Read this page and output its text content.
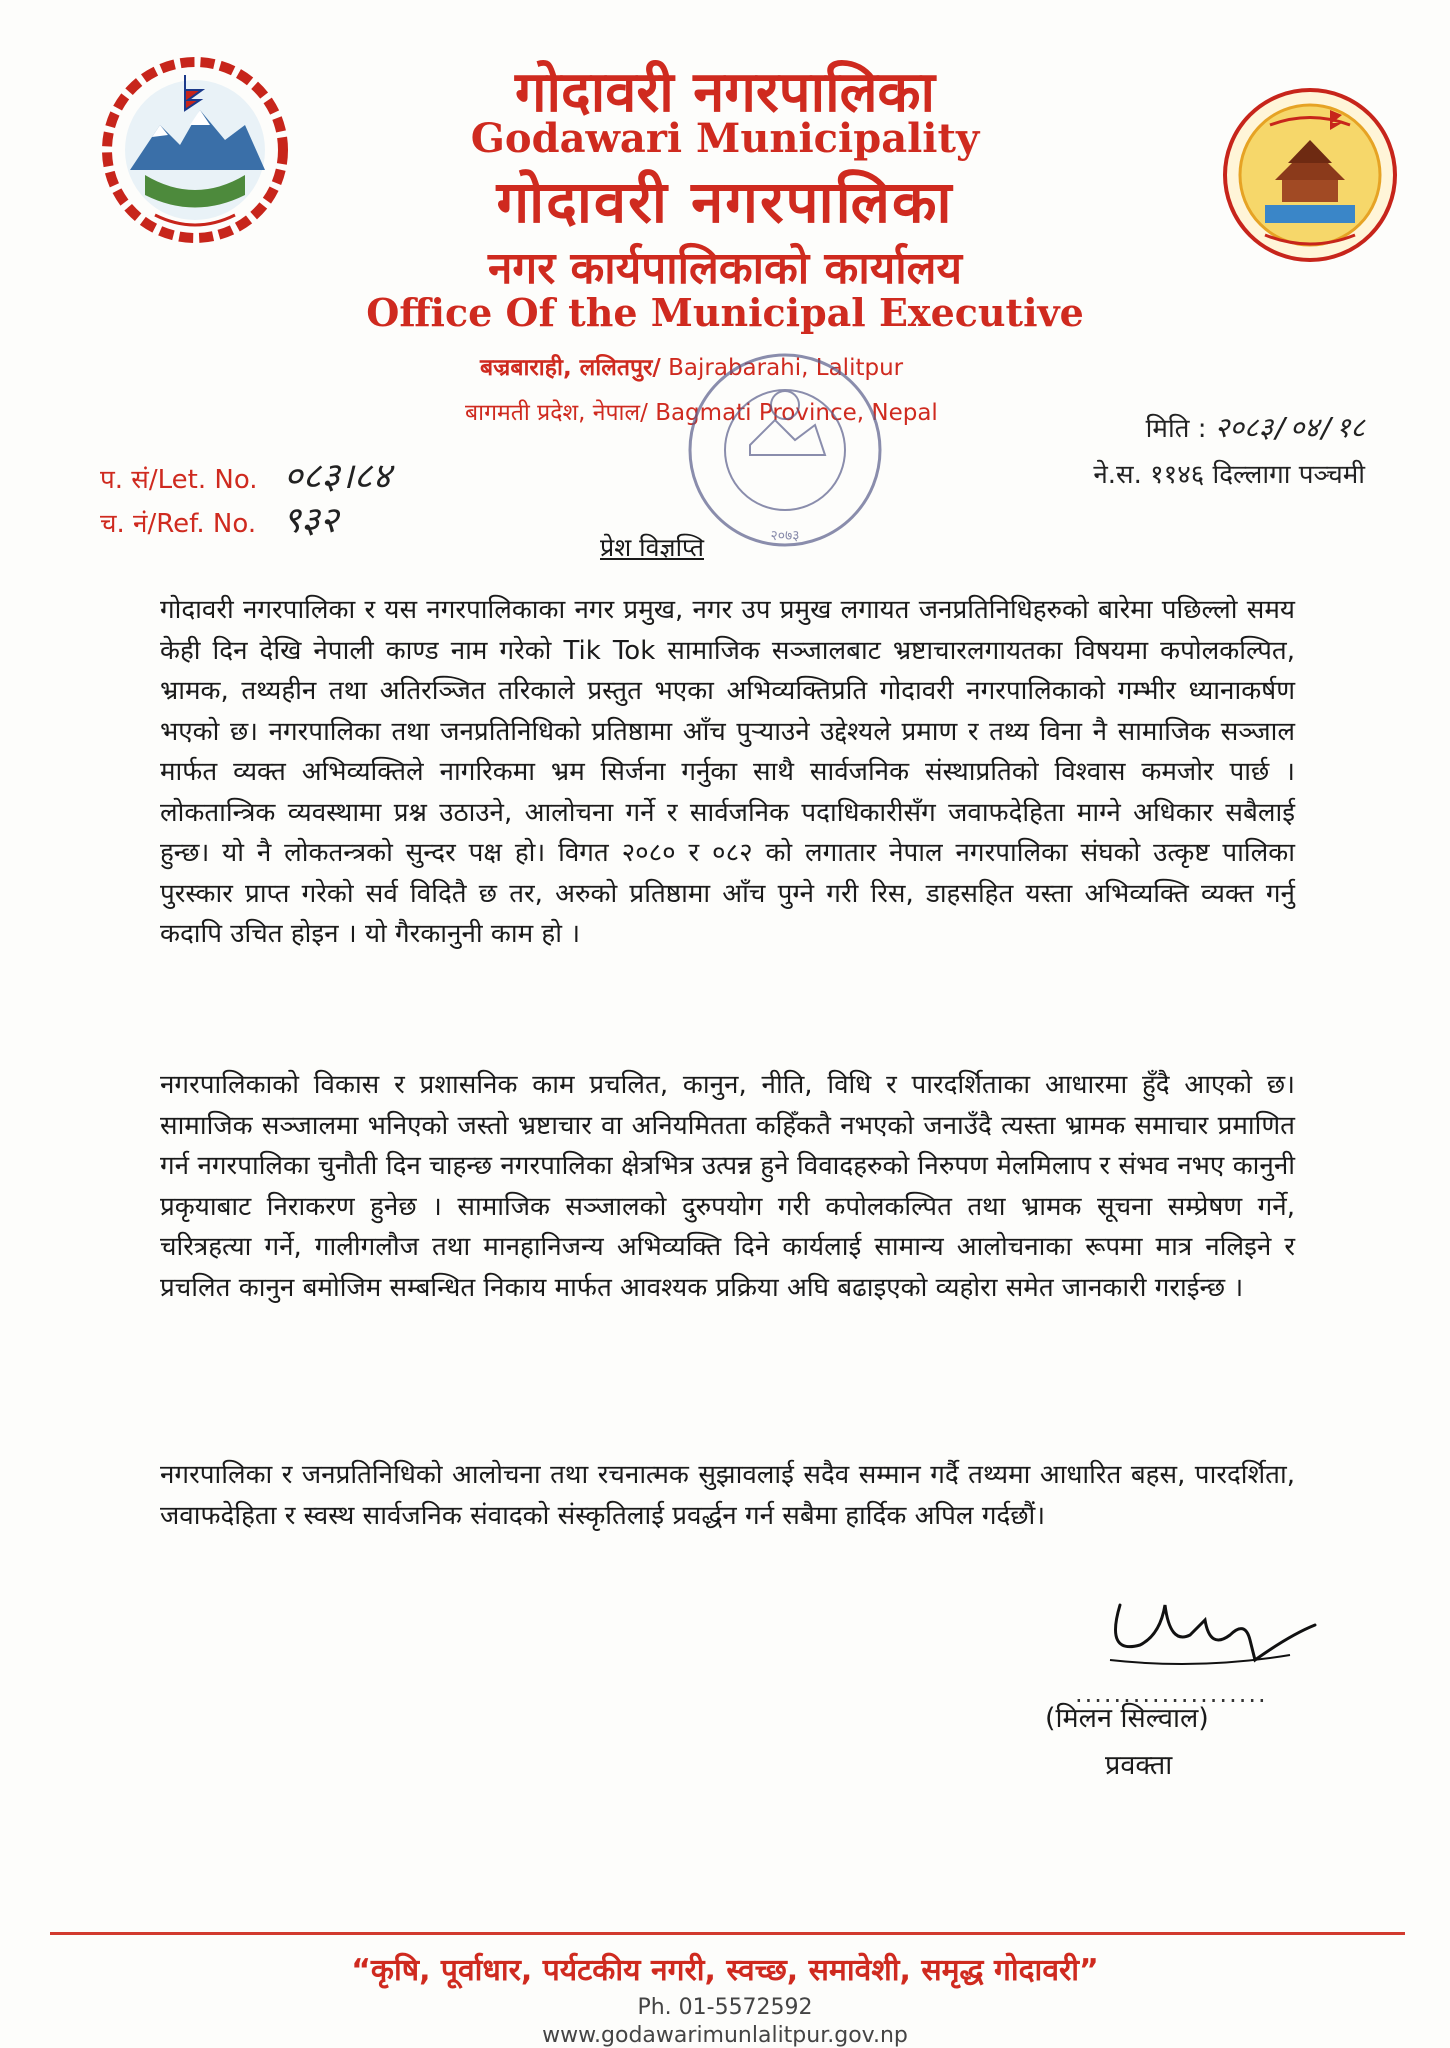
गोदावरी नगरपालिका
Godawari Municipality
गोदावरी नगरपालिका
नगर कार्यपालिकाको कार्यालय
Office Of the Municipal Executive
बज्रबाराही, ललितपुर/ Bajrabarahi, Lalitpur
बागमती प्रदेश, नेपाल/ Bagmati Province, Nepal
२०७३
प. सं/Let. No. ०८३।८४
च. नं/Ref. No. ९३२
मिति : २०८३/०४/१८
ने.स. ११४६ दिल्लागा पञ्चमी
प्रेश विज्ञप्ति

गोदावरी नगरपालिका र यस नगरपालिकाका नगर प्रमुख, नगर उप प्रमुख लगायत जनप्रतिनिधिहरुको बारेमा पछिल्लो समय केही दिन देखि नेपाली काण्ड नाम गरेको Tik Tok सामाजिक सञ्जालबाट भ्रष्टाचारलगायतका विषयमा कपोलकल्पित, भ्रामक, तथ्यहीन तथा अतिरञ्जित तरिकाले प्रस्तुत भएका अभिव्यक्तिप्रति गोदावरी नगरपालिकाको गम्भीर ध्यानाकर्षण भएको छ। नगरपालिका तथा जनप्रतिनिधिको प्रतिष्ठामा आँच पुऱ्याउने उद्देश्यले प्रमाण र तथ्य विना नै सामाजिक सञ्जाल मार्फत व्यक्त अभिव्यक्तिले नागरिकमा भ्रम सिर्जना गर्नुका साथै सार्वजनिक संस्थाप्रतिको विश्वास कमजोर पार्छ । लोकतान्त्रिक व्यवस्थामा प्रश्न उठाउने, आलोचना गर्ने र सार्वजनिक पदाधिकारीसँग जवाफदेहिता माग्ने अधिकार सबैलाई हुन्छ। यो नै लोकतन्त्रको सुन्दर पक्ष हो। विगत २०८० र ०८२ को लगातार नेपाल नगरपालिका संघको उत्कृष्ट पालिका पुरस्कार प्राप्त गरेको सर्व विदितै छ तर, अरुको प्रतिष्ठामा आँच पुग्ने गरी रिस, डाहसहित यस्ता अभिव्यक्ति व्यक्त गर्नु कदापि उचित होइन । यो गैरकानुनी काम हो ।

नगरपालिकाको विकास र प्रशासनिक काम प्रचलित, कानुन, नीति, विधि र पारदर्शिताका आधारमा हुँदै आएको छ। सामाजिक सञ्जालमा भनिएको जस्तो भ्रष्टाचार वा अनियमितता कहिँकतै नभएको जनाउँदै त्यस्ता भ्रामक समाचार प्रमाणित गर्न नगरपालिका चुनौती दिन चाहन्छ नगरपालिका क्षेत्रभित्र उत्पन्न हुने विवादहरुको निरुपण मेलमिलाप र संभव नभए कानुनी प्रकृयाबाट निराकरण हुनेछ । सामाजिक सञ्जालको दुरुपयोग गरी कपोलकल्पित तथा भ्रामक सूचना सम्प्रेषण गर्ने, चरित्रहत्या गर्ने, गालीगलौज तथा मानहानिजन्य अभिव्यक्ति दिने कार्यलाई सामान्य आलोचनाका रूपमा मात्र नलिइने र प्रचलित कानुन बमोजिम सम्बन्धित निकाय मार्फत आवश्यक प्रक्रिया अघि बढाइएको व्यहोरा समेत जानकारी गराईन्छ ।

नगरपालिका र जनप्रतिनिधिको आलोचना तथा रचनात्मक सुझावलाई सदैव सम्मान गर्दै तथ्यमा आधारित बहस, पारदर्शिता, जवाफदेहिता र स्वस्थ सार्वजनिक संवादको संस्कृतिलाई प्रवर्द्धन गर्न सबैमा हार्दिक अपिल गर्दछौं।

....................
(मिलन सिल्वाल)
प्रवक्ता
“कृषि, पूर्वाधार, पर्यटकीय नगरी, स्वच्छ, समावेशी, समृद्ध गोदावरी”
Ph. 01-5572592
www.godawarimunlalitpur.gov.np
